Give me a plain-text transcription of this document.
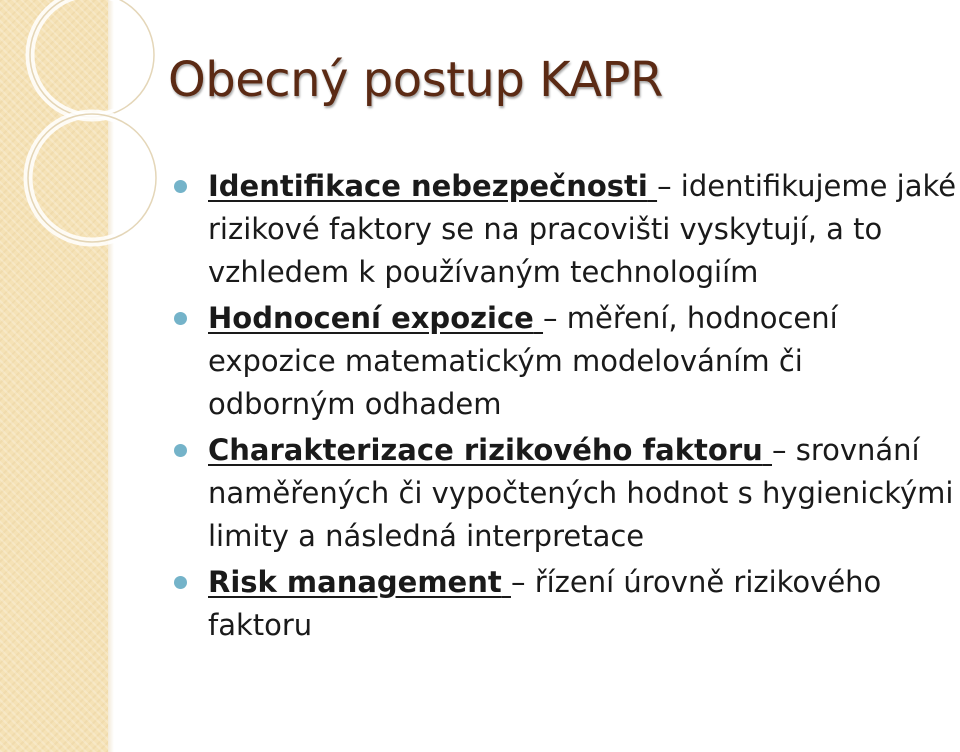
Obecný postup KAPR
Identifikace nebezpečnosti – identifikujeme jaké rizikové faktory se na pracovišti vyskytují, a to vzhledem k používaným technologiím
Hodnocení expozice – měření, hodnocení expozice matematickým modelováním či odborným odhadem
Charakterizace rizikového faktoru – srovnání naměřených či vypočtených hodnot s hygienickými limity a následná interpretace
Risk management – řízení úrovně rizikového faktoru
